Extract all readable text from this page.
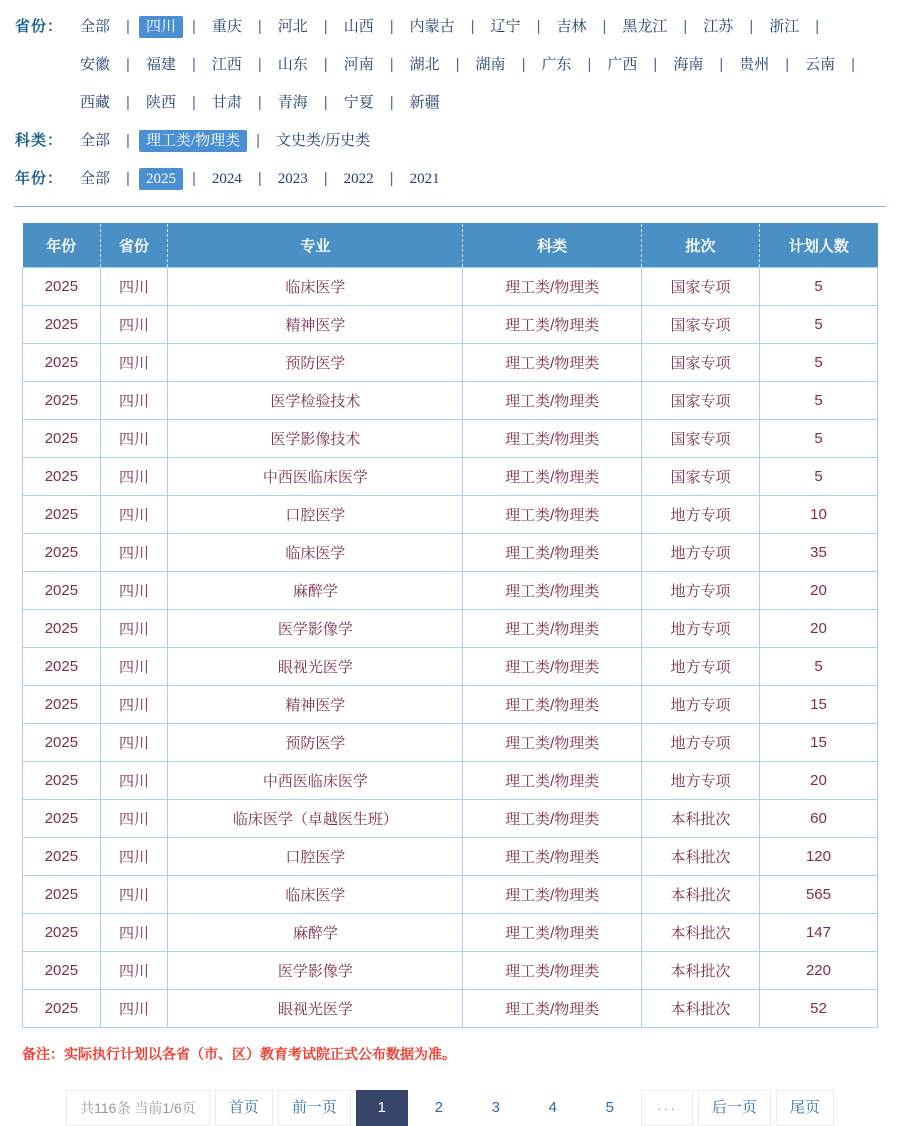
省份：	全部 | 四川 | 重庆 | 河北 | 山西 | 内蒙古 | 辽宁 | 吉林 | 黑龙江 | 江苏 | 浙江 |安徽 | 福建 | 江西 | 山东 | 河南 | 湖北 | 湖南 | 广东 | 广西 | 海南 | 贵州 | 云南 |西藏 | 陕西 | 甘肃 | 青海 | 宁夏 | 新疆
科类：	全部 | 理工类/物理类 | 文史类/历史类
年份：	全部 | 2025 | 2024 | 2023 | 2022 | 2021
年份	省份	专业	科类	批次	计划人数
2025	四川	临床医学	理工类/物理类	国家专项	5
2025	四川	精神医学	理工类/物理类	国家专项	5
2025	四川	预防医学	理工类/物理类	国家专项	5
2025	四川	医学检验技术	理工类/物理类	国家专项	5
2025	四川	医学影像技术	理工类/物理类	国家专项	5
2025	四川	中西医临床医学	理工类/物理类	国家专项	5
2025	四川	口腔医学	理工类/物理类	地方专项	10
2025	四川	临床医学	理工类/物理类	地方专项	35
2025	四川	麻醉学	理工类/物理类	地方专项	20
2025	四川	医学影像学	理工类/物理类	地方专项	20
2025	四川	眼视光医学	理工类/物理类	地方专项	5
2025	四川	精神医学	理工类/物理类	地方专项	15
2025	四川	预防医学	理工类/物理类	地方专项	15
2025	四川	中西医临床医学	理工类/物理类	地方专项	20
2025	四川	临床医学（卓越医生班）	理工类/物理类	本科批次	60
2025	四川	口腔医学	理工类/物理类	本科批次	120
2025	四川	临床医学	理工类/物理类	本科批次	565
2025	四川	麻醉学	理工类/物理类	本科批次	147
2025	四川	医学影像学	理工类/物理类	本科批次	220
2025	四川	眼视光医学	理工类/物理类	本科批次	52
备注：实际执行计划以各省（市、区）教育考试院正式公布数据为准。
共116条 当前1/6页	首页	前一页	1	2	3	4	5	···	后一页	尾页
